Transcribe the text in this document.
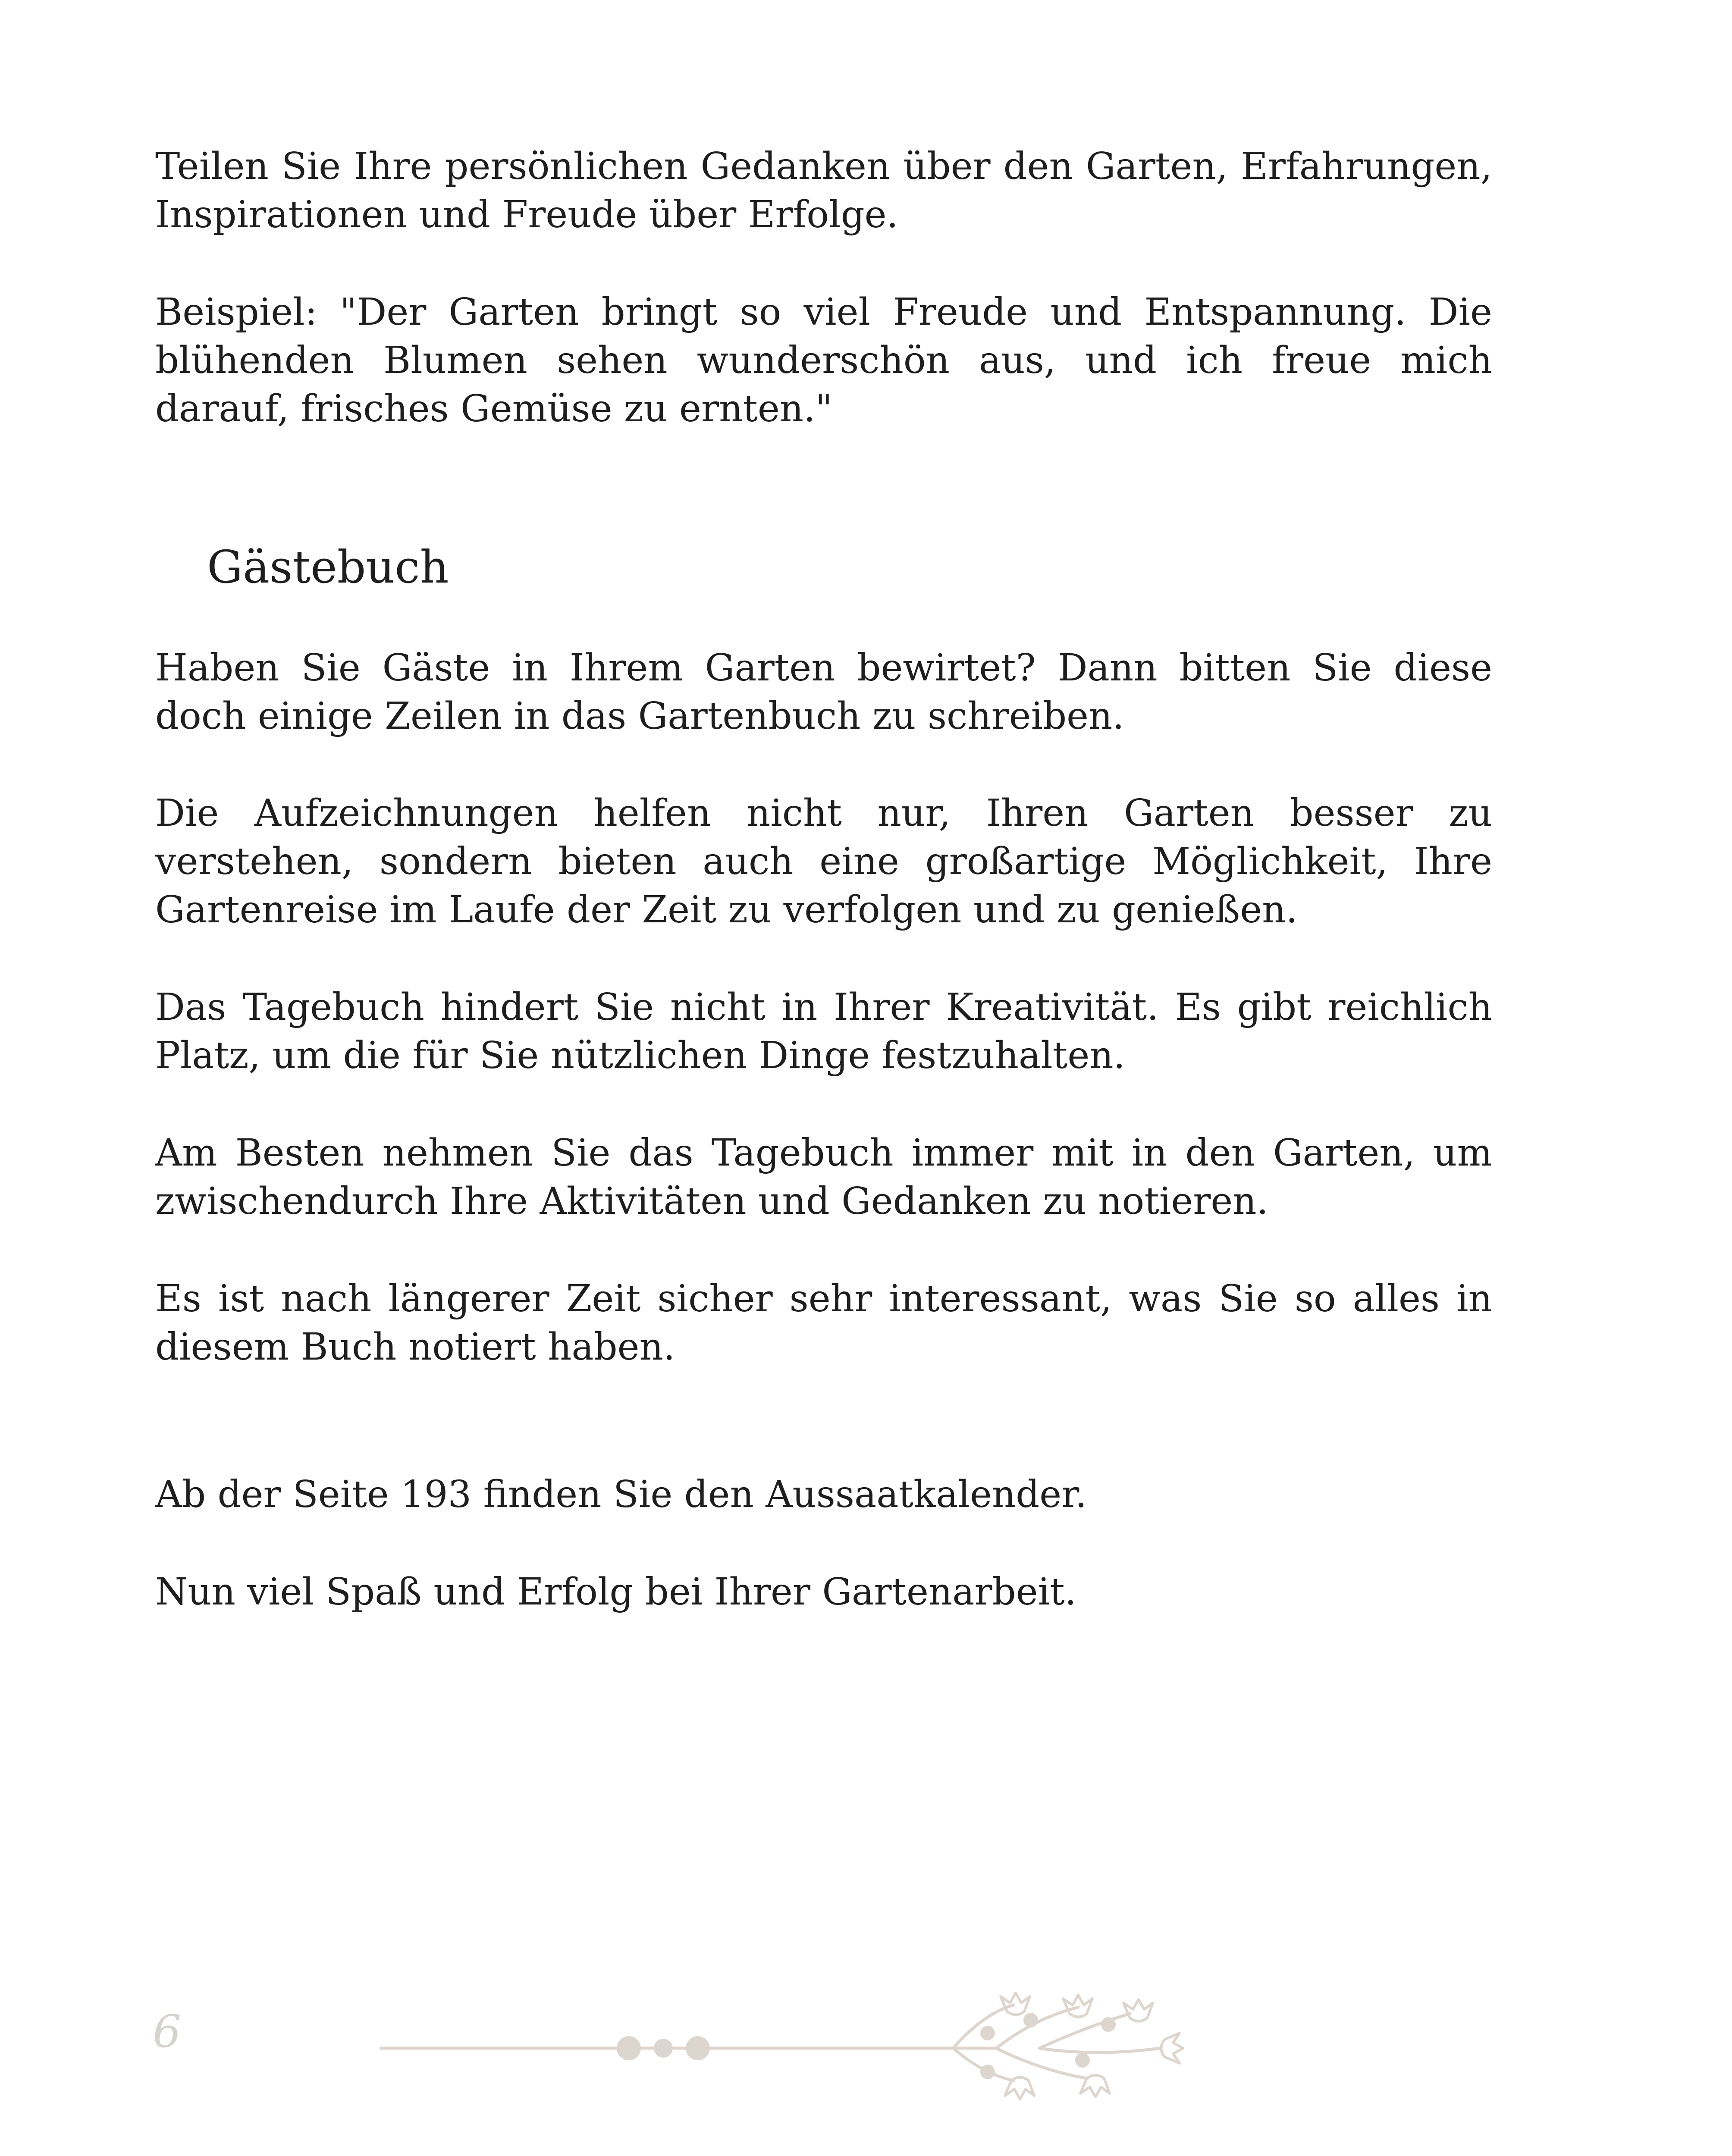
Teilen Sie Ihre persönlichen Gedanken über den Garten, Erfahrungen, Inspirationen und Freude über Erfolge.

Beispiel: "Der Garten bringt so viel Freude und Entspannung. Die blühenden Blumen sehen wunderschön aus, und ich freue mich darauf, frisches Gemüse zu ernten."

Gästebuch

Haben Sie Gäste in Ihrem Garten bewirtet? Dann bitten Sie diese doch einige Zeilen in das Gartenbuch zu schreiben.

Die Aufzeichnungen helfen nicht nur, Ihren Garten besser zu verstehen, sondern bieten auch eine großartige Möglichkeit, Ihre Gartenreise im Laufe der Zeit zu verfolgen und zu genießen.

Das Tagebuch hindert Sie nicht in Ihrer Kreativität. Es gibt reichlich Platz, um die für Sie nützlichen Dinge festzuhalten.

Am Besten nehmen Sie das Tagebuch immer mit in den Garten, um zwischendurch Ihre Aktivitäten und Gedanken zu notieren.

Es ist nach längerer Zeit sicher sehr interessant, was Sie so alles in diesem Buch notiert haben.

Ab der Seite 193 finden Sie den Aussaatkalender.

Nun viel Spaß und Erfolg bei Ihrer Gartenarbeit.

6
